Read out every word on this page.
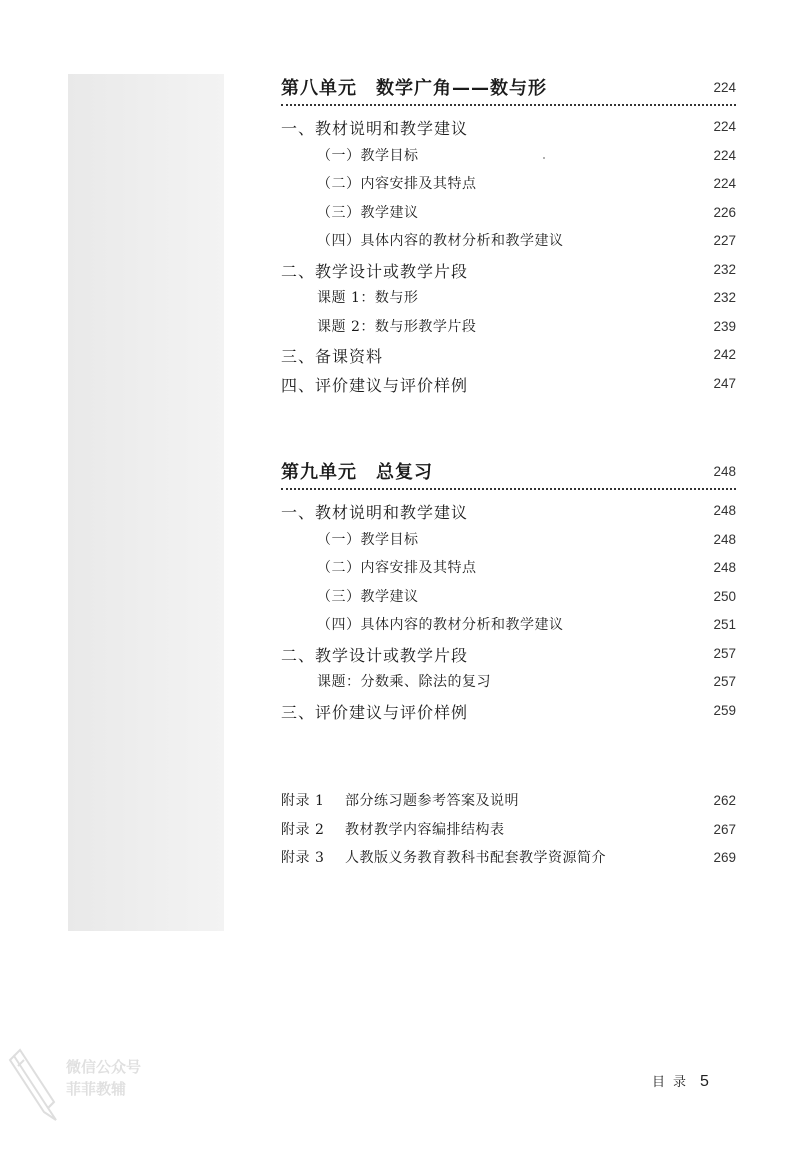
第八单元　数学广角——数与形	224
一、教材说明和教学建议	224
（一）教学目标	224
（二）内容安排及其特点	224
（三）教学建议	226
（四）具体内容的教材分析和教学建议	227
二、教学设计或教学片段	232
课题 1：数与形	232
课题 2：数与形教学片段	239
三、备课资料	242
四、评价建议与评价样例	247
第九单元　总复习	248
一、教材说明和教学建议	248
（一）教学目标	248
（二）内容安排及其特点	248
（三）教学建议	250
（四）具体内容的教材分析和教学建议	251
二、教学设计或教学片段	257
课题：分数乘、除法的复习	257
三、评价建议与评价样例	259
附录 1 部分练习题参考答案及说明	262
附录 2 教材教学内容编排结构表	267
附录 3 人教版义务教育教科书配套教学资源简介	269
目录 5
微信公众号
菲菲教辅
